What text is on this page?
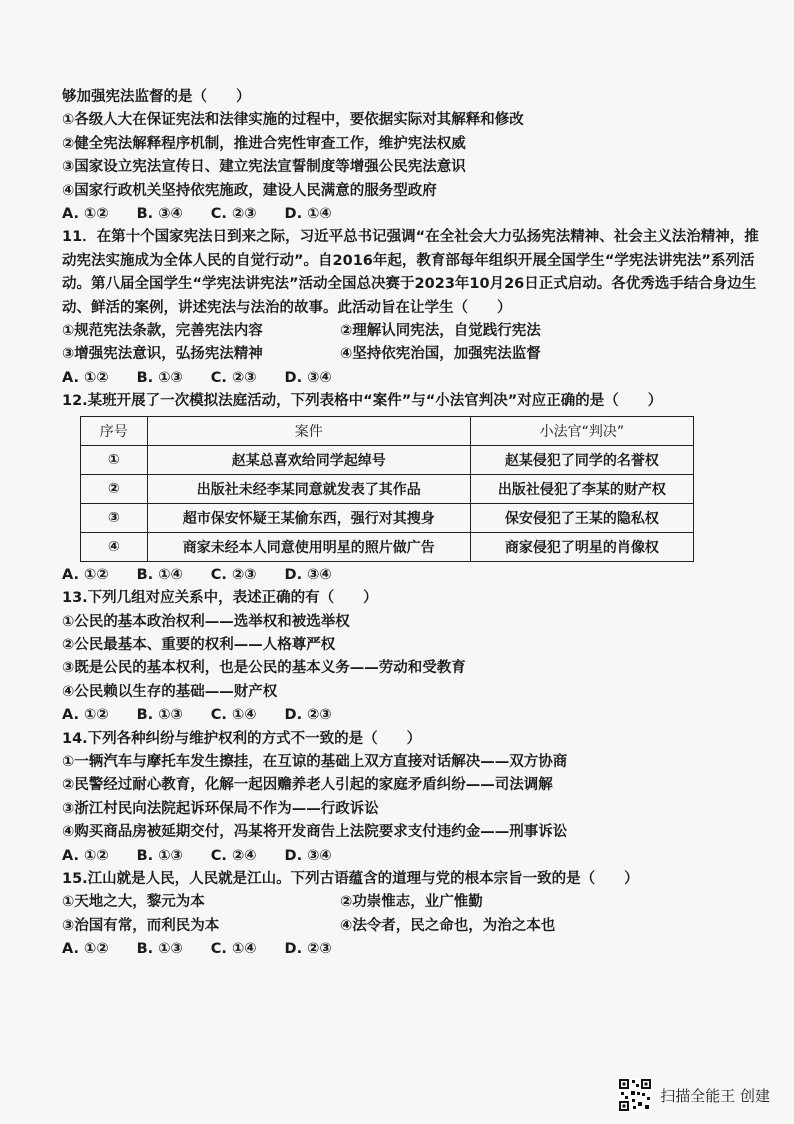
够加强宪法监督的是（　　）
①各级人大在保证宪法和法律实施的过程中，要依据实际对其解释和修改
②健全宪法解释程序机制，推进合宪性审查工作，维护宪法权威
③国家设立宪法宣传日、建立宪法宣誓制度等增强公民宪法意识
④国家行政机关坚持依宪施政，建设人民满意的服务型政府
A. ①② B. ③④ C. ②③ D. ①④
11．在第十个国家宪法日到来之际，习近平总书记强调“在全社会大力弘扬宪法精神、社会主义法治精神，推动宪法实施成为全体人民的自觉行动”。自2016年起，教育部每年组织开展全国学生“学宪法讲宪法”系列活动。第八届全国学生“学宪法讲宪法”活动全国总决赛于2023年10月26日正式启动。各优秀选手结合身边生动、鲜活的案例，讲述宪法与法治的故事。此活动旨在让学生（　　）
①规范宪法条款，完善宪法内容	②理解认同宪法，自觉践行宪法
③增强宪法意识，弘扬宪法精神	④坚持依宪治国，加强宪法监督
A. ①② B. ①③ C. ②③ D. ③④
12.某班开展了一次模拟法庭活动，下列表格中“案件”与“小法官判决”对应正确的是（　　）
序号	案件	小法官“判决”
①	赵某总喜欢给同学起绰号	赵某侵犯了同学的名誉权
②	出版社未经李某同意就发表了其作品	出版社侵犯了李某的财产权
③	超市保安怀疑王某偷东西，强行对其搜身	保安侵犯了王某的隐私权
④	商家未经本人同意使用明星的照片做广告	商家侵犯了明星的肖像权
A. ①② B. ①④ C. ②③ D. ③④
13.下列几组对应关系中，表述正确的有（　　）
①公民的基本政治权利——选举权和被选举权
②公民最基本、重要的权利——人格尊严权
③既是公民的基本权利，也是公民的基本义务——劳动和受教育
④公民赖以生存的基础——财产权
A. ①② B. ①③ C. ①④ D. ②③
14.下列各种纠纷与维护权利的方式不一致的是（　　）
①一辆汽车与摩托车发生擦挂，在互谅的基础上双方直接对话解决——双方协商
②民警经过耐心教育，化解一起因赡养老人引起的家庭矛盾纠纷——司法调解
③浙江村民向法院起诉环保局不作为——行政诉讼
④购买商品房被延期交付，冯某将开发商告上法院要求支付违约金——刑事诉讼
A. ①② B. ①③ C. ②④ D. ③④
15.江山就是人民，人民就是江山。下列古语蕴含的道理与党的根本宗旨一致的是（　　）
①天地之大，黎元为本	②功崇惟志，业广惟勤
③治国有常，而利民为本	④法令者，民之命也，为治之本也
A. ①② B. ①③ C. ①④ D. ②③
扫描全能王 创建
